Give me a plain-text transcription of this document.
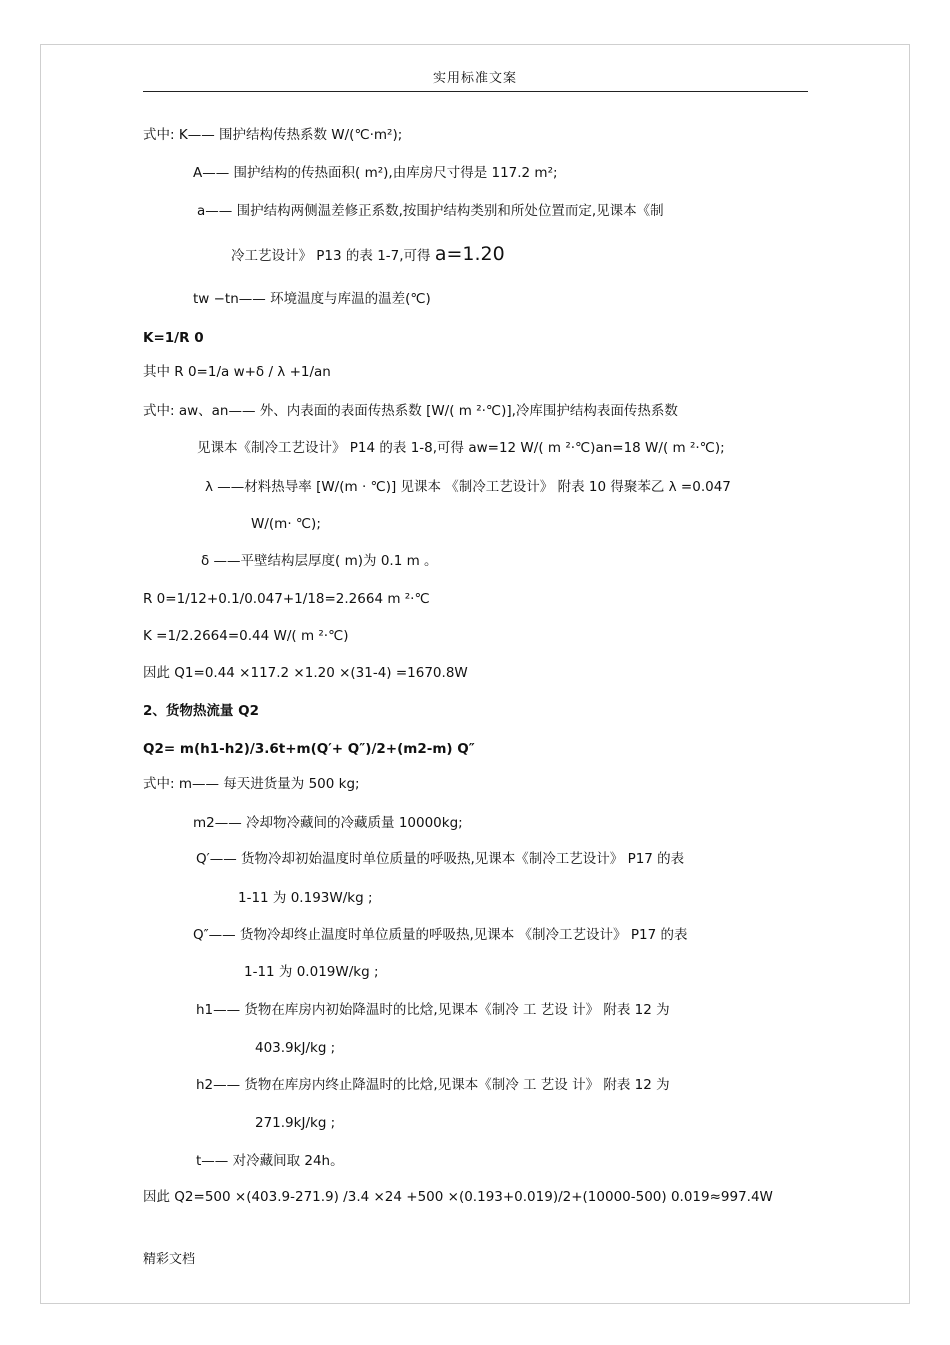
实用标准文案
式中: K—— 围护结构传热系数 W/(℃·m²);
A—— 围护结构的传热面积( m²),由库房尺寸得是 117.2 m²;
a—— 围护结构两侧温差修正系数,按围护结构类别和所处位置而定,见课本《制
冷工艺设计》 P13 的表 1-7,可得 a=1.20
tw −tn—— 环境温度与库温的温差(℃)
K=1/R 0
其中 R 0=1/a w+δ / λ +1/an
式中: aw、an—— 外、内表面的表面传热系数 [W/( m ²·℃)],冷库围护结构表面传热系数
见课本《制冷工艺设计》 P14 的表 1-8,可得 aw=12 W/( m ²·℃)an=18 W/( m ²·℃);
λ ——材料热导率 [W/(m · ℃)] 见课本 《制冷工艺设计》 附表 10 得聚苯乙 λ =0.047
W/(m· ℃);
δ ——平壁结构层厚度( m)为 0.1 m 。
R 0=1/12+0.1/0.047+1/18=2.2664 m ²·℃
K =1/2.2664=0.44 W/( m ²·℃)
因此 Q1=0.44 ×117.2 ×1.20 ×(31-4) =1670.8W
2、货物热流量 Q2
Q2= m(h1-h2)/3.6t+m(Q′+ Q″)/2+(m2-m) Q″
式中: m—— 每天进货量为 500 kg;
m2—— 冷却物冷藏间的冷藏质量 10000kg;
Q′—— 货物冷却初始温度时单位质量的呼吸热,见课本《制冷工艺设计》 P17 的表
1-11 为 0.193W/kg ;
Q″—— 货物冷却终止温度时单位质量的呼吸热,见课本 《制冷工艺设计》 P17 的表
1-11 为 0.019W/kg ;
h1—— 货物在库房内初始降温时的比焓,见课本《制冷 工 艺设 计》 附表 12 为
403.9kJ/kg ;
h2—— 货物在库房内终止降温时的比焓,见课本《制冷 工 艺设 计》 附表 12 为
271.9kJ/kg ;
t—— 对冷藏间取 24h。
因此 Q2=500 ×(403.9-271.9) /3.4 ×24 +500 ×(0.193+0.019)/2+(10000-500) 0.019≈997.4W
精彩文档
